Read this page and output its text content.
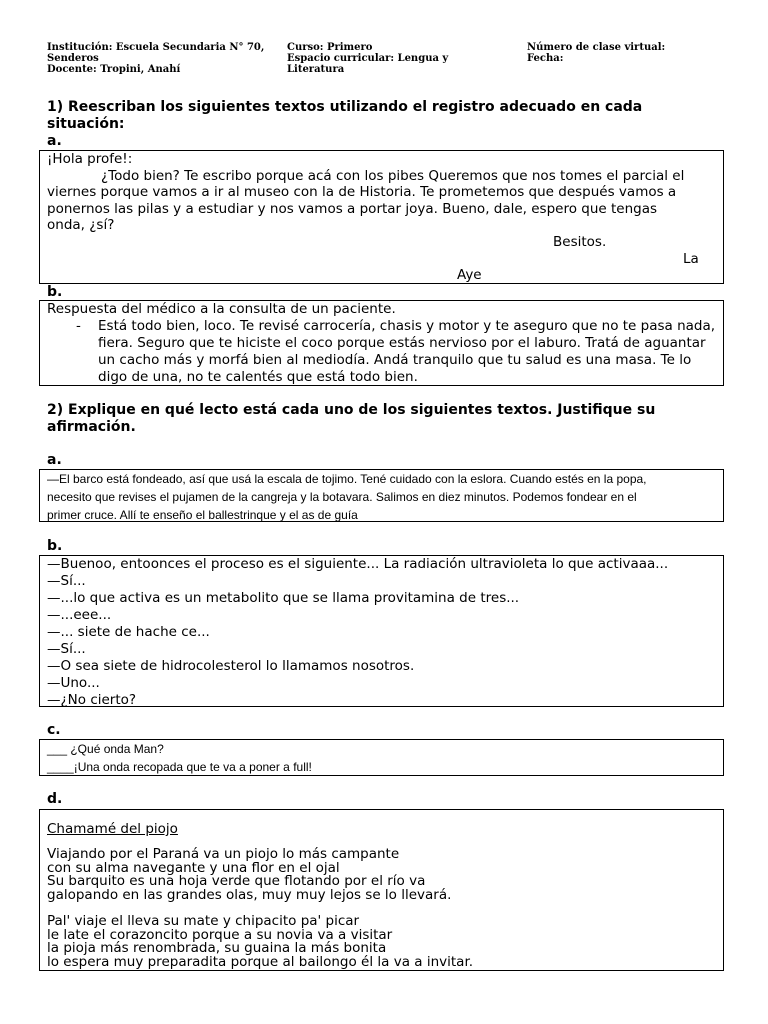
Institución: Escuela Secundaria N° 70,
Senderos
Docente: Tropini, Anahí
Curso: Primero
Espacio curricular: Lengua y
Literatura
Número de clase virtual:
Fecha:
1) Reescriban los siguientes textos utilizando el registro adecuado en cada
situación:
a.
¡Hola profe!:
¿Todo bien? Te escribo porque acá con los pibes Queremos que nos tomes el parcial el
viernes porque vamos a ir al museo con la de Historia. Te prometemos que después vamos a
ponernos las pilas y a estudiar y nos vamos a portar joya. Bueno, dale, espero que tengas
onda, ¿sí?
Besitos.
La
Aye
b.
Respuesta del médico a la consulta de un paciente.
- Está todo bien, loco. Te revisé carrocería, chasis y motor y te aseguro que no te pasa nada, fiera. Seguro que te hiciste el coco porque estás nervioso por el laburo. Tratá de aguantar un cacho más y morfá bien al mediodía. Andá tranquilo que tu salud es una masa. Te lo digo de una, no te calentés que está todo bien.
2) Explique en qué lecto está cada uno de los siguientes textos. Justifique su
afirmación.
a.
—El barco está fondeado, así que usá la escala de tojimo. Tené cuidado con la eslora. Cuando estés en la popa,
necesito que revises el pujamen de la cangreja y la botavara. Salimos en diez minutos. Podemos fondear en el
primer cruce. Allí te enseño el ballestrinque y el as de guía
b.
—Buenoo, entoonces el proceso es el siguiente... La radiación ultravioleta lo que activaaa...
—Sí...
—...lo que activa es un metabolito que se llama provitamina de tres...
—...eee...
—... siete de hache ce...
—Sí...
—O sea siete de hidrocolesterol lo llamamos nosotros.
—Uno...
—¿No cierto?
c.
___ ¿Qué onda Man?
____¡Una onda recopada que te va a poner a full!
d.
Chamamé del piojo
Viajando por el Paraná va un piojo lo más campante
con su alma navegante y una flor en el ojal
Su barquito es una hoja verde que flotando por el río va
galopando en las grandes olas, muy muy lejos se lo llevará.
Pal' viaje el lleva su mate y chipacito pa' picar
le late el corazoncito porque a su novia va a visitar
la pioja más renombrada, su guaina la más bonita
lo espera muy preparadita porque al bailongo él la va a invitar.
